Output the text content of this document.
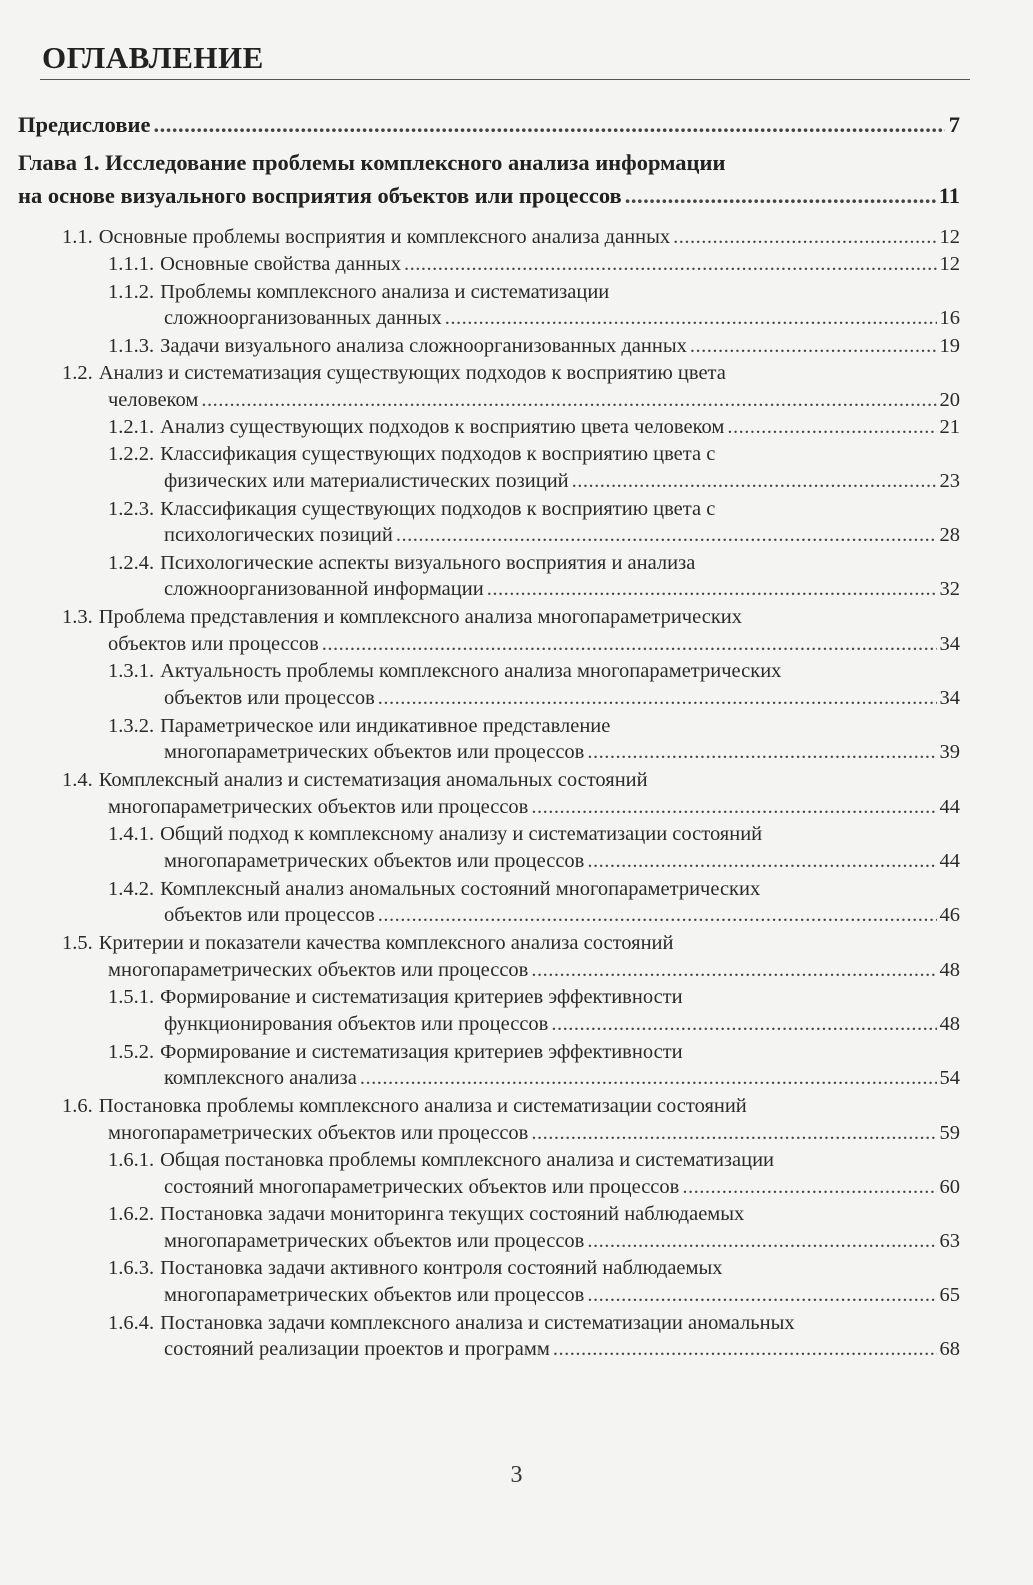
ОГЛАВЛЕНИЕ
Предисловие .....	7
Глава 1. Исследование проблемы комплексного анализа информации
на основе визуального восприятия объектов или процессов .....	11
1.1. Основные проблемы восприятия и комплексного анализа данных .....	12
1.1.1. Основные свойства данных .....	12
1.1.2. Проблемы комплексного анализа и систематизации
сложноорганизованных данных .....	16
1.1.3. Задачи визуального анализа сложноорганизованных данных .....	19
1.2. Анализ и систематизация существующих подходов к восприятию цвета
человеком .....	20
1.2.1. Анализ существующих подходов к восприятию цвета человеком .....	21
1.2.2. Классификация существующих подходов к восприятию цвета с
физических или материалистических позиций .....	23
1.2.3. Классификация существующих подходов к восприятию цвета с
психологических позиций .....	28
1.2.4. Психологические аспекты визуального восприятия и анализа
сложноорганизованной информации .....	32
1.3. Проблема представления и комплексного анализа многопараметрических
объектов или процессов .....	34
1.3.1. Актуальность проблемы комплексного анализа многопараметрических
объектов или процессов .....	34
1.3.2. Параметрическое или индикативное представление
многопараметрических объектов или процессов .....	39
1.4. Комплексный анализ и систематизация аномальных состояний
многопараметрических объектов или процессов .....	44
1.4.1. Общий подход к комплексному анализу и систематизации состояний
многопараметрических объектов или процессов .....	44
1.4.2. Комплексный анализ аномальных состояний многопараметрических
объектов или процессов .....	46
1.5. Критерии и показатели качества комплексного анализа состояний
многопараметрических объектов или процессов .....	48
1.5.1. Формирование и систематизация критериев эффективности
функционирования объектов или процессов .....	48
1.5.2. Формирование и систематизация критериев эффективности
комплексного анализа .....	54
1.6. Постановка проблемы комплексного анализа и систематизации состояний
многопараметрических объектов или процессов .....	59
1.6.1. Общая постановка проблемы комплексного анализа и систематизации
состояний многопараметрических объектов или процессов .....	60
1.6.2. Постановка задачи мониторинга текущих состояний наблюдаемых
многопараметрических объектов или процессов .....	63
1.6.3. Постановка задачи активного контроля состояний наблюдаемых
многопараметрических объектов или процессов .....	65
1.6.4. Постановка задачи комплексного анализа и систематизации аномальных
состояний реализации проектов и программ .....	68
3
